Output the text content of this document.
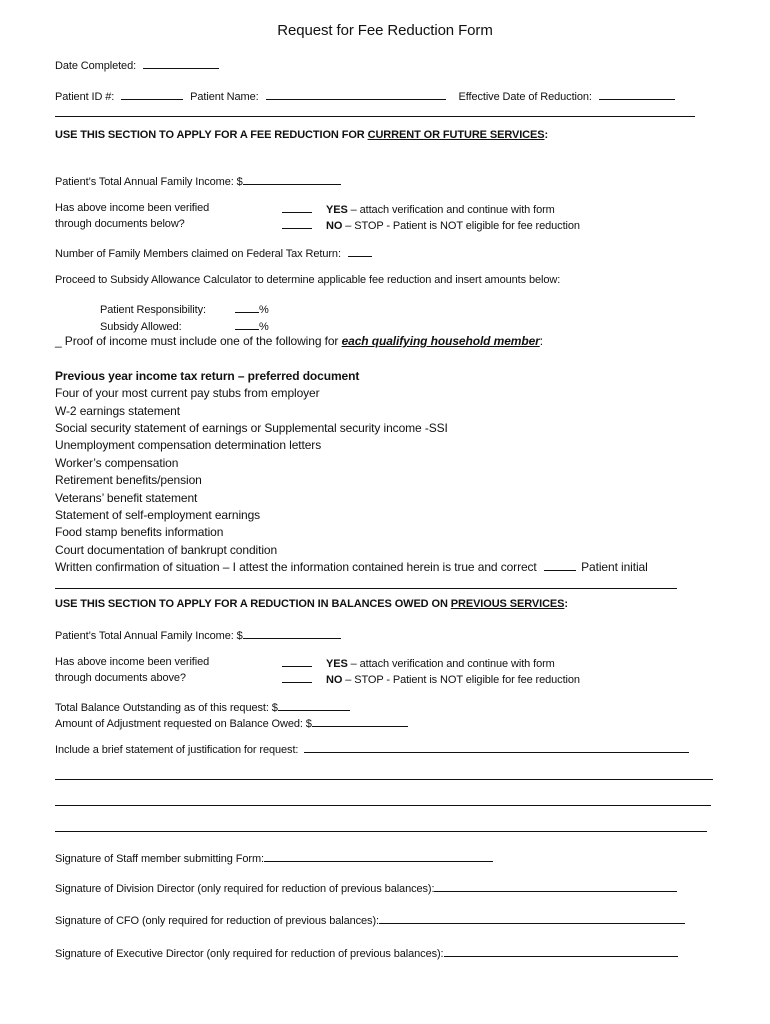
Request for Fee Reduction Form
Date Completed:
Patient ID #:	Patient Name:	Effective Date of Reduction:
USE THIS SECTION TO APPLY FOR A FEE REDUCTION FOR CURRENT OR FUTURE SERVICES:
Patient’s Total Annual Family Income: $
Has above income been verified
through documents below?
YES – attach verification and continue with form
NO – STOP - Patient is NOT eligible for fee reduction
Number of Family Members claimed on Federal Tax Return:
Proceed to Subsidy Allowance Calculator to determine applicable fee reduction and insert amounts below:
Patient Responsibility:	%
Subsidy Allowed:	%
_ Proof of income must include one of the following for each qualifying household member:
Previous year income tax return – preferred document
Four of your most current pay stubs from employer
W-2 earnings statement
Social security statement of earnings or Supplemental security income -SSI
Unemployment compensation determination letters
Worker’s compensation
Retirement benefits/pension
Veterans’ benefit statement
Statement of self-employment earnings
Food stamp benefits information
Court documentation of bankrupt condition
Written confirmation of situation – I attest the information contained herein is true and correct	Patient initial
USE THIS SECTION TO APPLY FOR A REDUCTION IN BALANCES OWED ON PREVIOUS SERVICES:
Patient’s Total Annual Family Income: $
Has above income been verified
through documents above?
YES – attach verification and continue with form
NO – STOP - Patient is NOT eligible for fee reduction
Total Balance Outstanding as of this request: $
Amount of Adjustment requested on Balance Owed: $
Include a brief statement of justification for request:
Signature of Staff member submitting Form:
Signature of Division Director (only required for reduction of previous balances):
Signature of CFO (only required for reduction of previous balances):
Signature of Executive Director (only required for reduction of previous balances):
